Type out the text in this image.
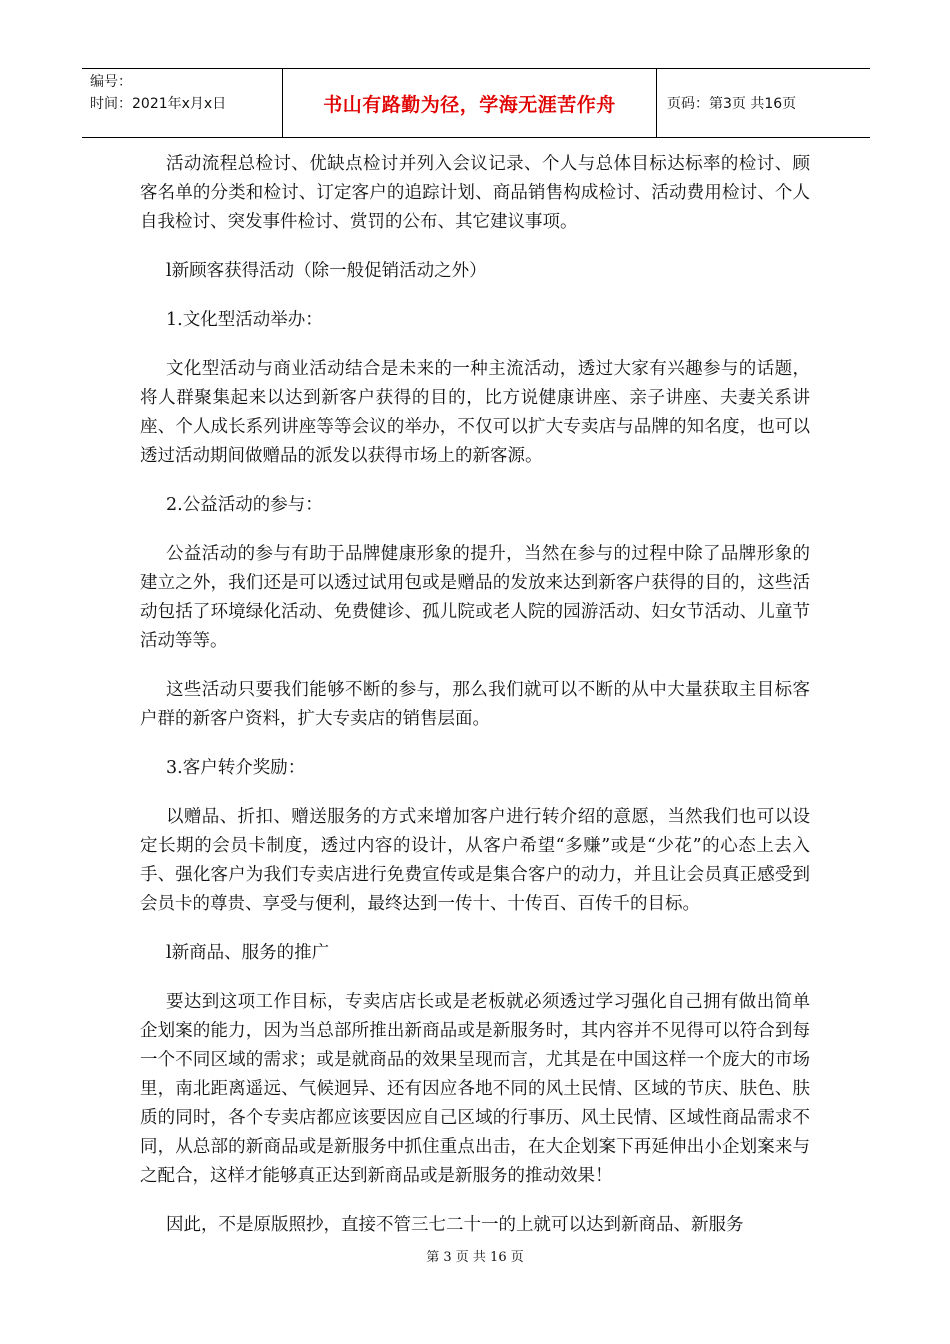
编号：
时间：2021年x月x日	书山有路勤为径，学海无涯苦作舟	页码：第3页 共16页

活动流程总检讨、优缺点检讨并列入会议记录、个人与总体目标达标率的检讨、顾客名单的分类和检讨、订定客户的追踪计划、商品销售构成检讨、活动费用检讨、个人自我检讨、突发事件检讨、赏罚的公布、其它建议事项。

l新顾客获得活动（除一般促销活动之外）

1.文化型活动举办：

文化型活动与商业活动结合是未来的一种主流活动，透过大家有兴趣参与的话题，将人群聚集起来以达到新客户获得的目的，比方说健康讲座、亲子讲座、夫妻关系讲座、个人成长系列讲座等等会议的举办，不仅可以扩大专卖店与品牌的知名度，也可以透过活动期间做赠品的派发以获得市场上的新客源。

2.公益活动的参与：

公益活动的参与有助于品牌健康形象的提升，当然在参与的过程中除了品牌形象的建立之外，我们还是可以透过试用包或是赠品的发放来达到新客户获得的目的，这些活动包括了环境绿化活动、免费健诊、孤儿院或老人院的园游活动、妇女节活动、儿童节活动等等。

这些活动只要我们能够不断的参与，那么我们就可以不断的从中大量获取主目标客户群的新客户资料，扩大专卖店的销售层面。

3.客户转介奖励：

以赠品、折扣、赠送服务的方式来增加客户进行转介绍的意愿，当然我们也可以设定长期的会员卡制度，透过内容的设计，从客户希望“多赚”或是“少花”的心态上去入手、强化客户为我们专卖店进行免费宣传或是集合客户的动力，并且让会员真正感受到会员卡的尊贵、享受与便利，最终达到一传十、十传百、百传千的目标。

l新商品、服务的推广

要达到这项工作目标，专卖店店长或是老板就必须透过学习强化自己拥有做出简单企划案的能力，因为当总部所推出新商品或是新服务时，其内容并不见得可以符合到每一个不同区域的需求；或是就商品的效果呈现而言，尤其是在中国这样一个庞大的市场里，南北距离遥远、气候迥异、还有因应各地不同的风土民情、区域的节庆、肤色、肤质的同时，各个专卖店都应该要因应自己区域的行事历、风土民情、区域性商品需求不同，从总部的新商品或是新服务中抓住重点出击，在大企划案下再延伸出小企划案来与之配合，这样才能够真正达到新商品或是新服务的推动效果！

因此，不是原版照抄，直接不管三七二十一的上就可以达到新商品、新服务

第 3 页 共 16 页
